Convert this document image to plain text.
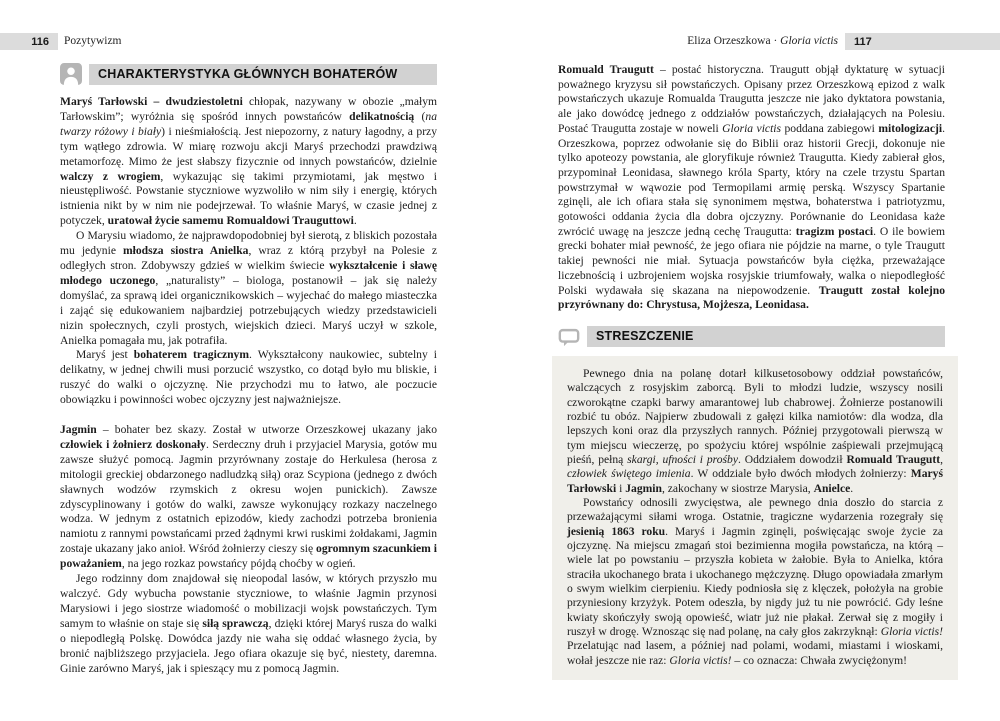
116 Pozytywizm	Eliza Orzeszkowa · Gloria victis 117
CHARAKTERYSTYKA GŁÓWNYCH BOHATERÓW

Maryś Tarłowski – dwudziestoletni chłopak, nazywany w obozie „małym Tarłowskim”; wyróżnia się spośród innych powstańców delikatnością (na twarzy różowy i biały) i nieśmiałością. Jest niepozorny, z natury łagodny, a przy tym wątłego zdrowia. W miarę rozwoju akcji Maryś przechodzi prawdziwą metamorfozę. Mimo że jest słabszy fizycznie od innych powstańców, dzielnie walczy z wrogiem, wykazując się takimi przymiotami, jak męstwo i nieustępliwość. Powstanie styczniowe wyzwoliło w nim siły i energię, których istnienia nikt by w nim nie podejrzewał. To właśnie Maryś, w czasie jednej z potyczek, uratował życie samemu Romualdowi Trauguttowi.

O Marysiu wiadomo, że najprawdopodobniej był sierotą, z bliskich pozostała mu jedynie młodsza siostra Anielka, wraz z którą przybył na Polesie z odległych stron. Zdobywszy gdzieś w wielkim świecie wykształcenie i sławę młodego uczonego, „naturalisty” – biologa, postanowił – jak się należy domyślać, za sprawą idei organicznikowskich – wyjechać do małego miasteczka i zająć się edukowaniem najbardziej potrzebujących wiedzy przedstawicieli nizin społecznych, czyli prostych, wiejskich dzieci. Maryś uczył w szkole, Anielka pomagała mu, jak potrafiła.

Maryś jest bohaterem tragicznym. Wykształcony naukowiec, subtelny i delikatny, w jednej chwili musi porzucić wszystko, co dotąd było mu bliskie, i ruszyć do walki o ojczyznę. Nie przychodzi mu to łatwo, ale poczucie obowiązku i powinności wobec ojczyzny jest najważniejsze.

Jagmin – bohater bez skazy. Został w utworze Orzeszkowej ukazany jako człowiek i żołnierz doskonały. Serdeczny druh i przyjaciel Marysia, gotów mu zawsze służyć pomocą. Jagmin przyrównany zostaje do Herkulesa (herosa z mitologii greckiej obdarzonego nadludzką siłą) oraz Scypiona (jednego z dwóch sławnych wodzów rzymskich z okresu wojen punickich). Zawsze zdyscyplinowany i gotów do walki, zawsze wykonujący rozkazy naczelnego wodza. W jednym z ostatnich epizodów, kiedy zachodzi potrzeba bronienia namiotu z rannymi powstańcami przed żądnymi krwi ruskimi żołdakami, Jagmin zostaje ukazany jako anioł. Wśród żołnierzy cieszy się ogromnym szacunkiem i poważaniem, na jego rozkaz powstańcy pójdą choćby w ogień.

Jego rodzinny dom znajdował się nieopodal lasów, w których przyszło mu walczyć. Gdy wybucha powstanie styczniowe, to właśnie Jagmin przynosi Marysiowi i jego siostrze wiadomość o mobilizacji wojsk powstańczych. Tym samym to właśnie on staje się siłą sprawczą, dzięki której Maryś rusza do walki o niepodległą Polskę. Dowódca jazdy nie waha się oddać własnego życia, by bronić najbliższego przyjaciela. Jego ofiara okazuje się być, niestety, daremna. Ginie zarówno Maryś, jak i spieszący mu z pomocą Jagmin.

Romuald Traugutt – postać historyczna. Traugutt objął dyktaturę w sytuacji poważnego kryzysu sił powstańczych. Opisany przez Orzeszkową epizod z walk powstańczych ukazuje Romualda Traugutta jeszcze nie jako dyktatora powstania, ale jako dowódcę jednego z oddziałów powstańczych, działających na Polesiu. Postać Traugutta zostaje w noweli Gloria victis poddana zabiegowi mitologizacji. Orzeszkowa, poprzez odwołanie się do Biblii oraz historii Grecji, dokonuje nie tylko apoteozy powstania, ale gloryfikuje również Traugutta. Kiedy zabierał głos, przypominał Leonidasa, sławnego króla Sparty, który na czele trzystu Spartan powstrzymał w wąwozie pod Termopilami armię perską. Wszyscy Spartanie zginęli, ale ich ofiara stała się synonimem męstwa, bohaterstwa i patriotyzmu, gotowości oddania życia dla dobra ojczyzny. Porównanie do Leonidasa każe zwrócić uwagę na jeszcze jedną cechę Traugutta: tragizm postaci. O ile bowiem grecki bohater miał pewność, że jego ofiara nie pójdzie na marne, o tyle Traugutt takiej pewności nie miał. Sytuacja powstańców była ciężka, przeważające liczebnością i uzbrojeniem wojska rosyjskie triumfowały, walka o niepodległość Polski wydawała się skazana na niepowodzenie. Traugutt został kolejno przyrównany do: Chrystusa, Mojżesza, Leonidasa.

STRESZCZENIE

Pewnego dnia na polanę dotarł kilkusetosobowy oddział powstańców, walczących z rosyjskim zaborcą. Byli to młodzi ludzie, wszyscy nosili czworokątne czapki barwy amarantowej lub chabrowej. Żołnierze postanowili rozbić tu obóz. Najpierw zbudowali z gałęzi kilka namiotów: dla wodza, dla lepszych koni oraz dla przyszłych rannych. Później przygotowali pierwszą w tym miejscu wieczerzę, po spożyciu której wspólnie zaśpiewali przejmującą pieśń, pełną skargi, ufności i prośby. Oddziałem dowodził Romuald Traugutt, człowiek świętego imienia. W oddziale było dwóch młodych żołnierzy: Maryś Tarłowski i Jagmin, zakochany w siostrze Marysia, Anielce.

Powstańcy odnosili zwycięstwa, ale pewnego dnia doszło do starcia z przeważającymi siłami wroga. Ostatnie, tragiczne wydarzenia rozegrały się jesienią 1863 roku. Maryś i Jagmin zginęli, poświęcając swoje życie za ojczyznę. Na miejscu zmagań stoi bezimienna mogiła powstańcza, na którą – wiele lat po powstaniu – przyszła kobieta w żałobie. Była to Anielka, która straciła ukochanego brata i ukochanego mężczyznę. Długo opowiadała zmarłym o swym wielkim cierpieniu. Kiedy podniosła się z klęczek, położyła na grobie przyniesiony krzyżyk. Potem odeszła, by nigdy już tu nie powrócić. Gdy leśne kwiaty skończyły swoją opowieść, wiatr już nie płakał. Zerwał się z mogiły i ruszył w drogę. Wznosząc się nad polanę, na cały głos zakrzyknął: Gloria victis! Przelatując nad lasem, a później nad polami, wodami, miastami i wioskami, wołał jeszcze nie raz: Gloria victis! – co oznacza: Chwała zwyciężonym!
